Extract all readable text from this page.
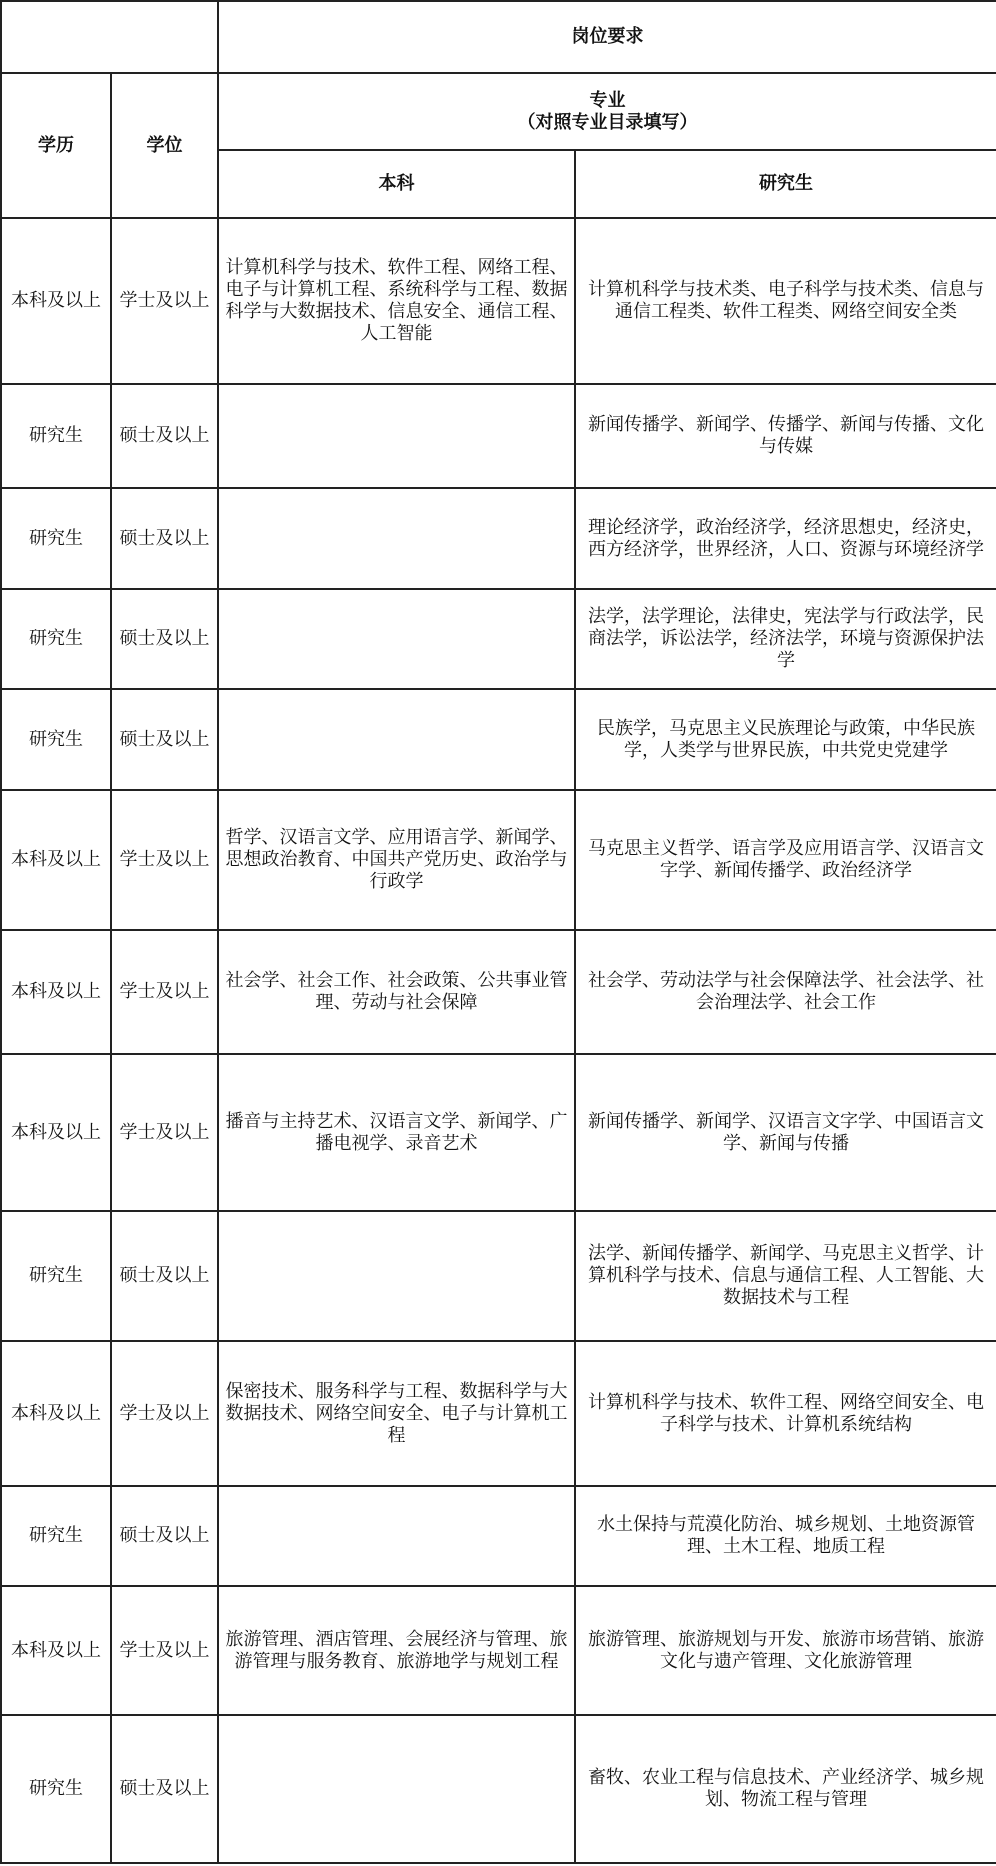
		岗位要求	
学历	学位	专业
（对照专业目录填写）	
		本科	研究生
本科及以上	学士及以上	计算机科学与技术、软件工程、网络工程、电子与计算机工程、系统科学与工程、数据科学与大数据技术、信息安全、通信工程、人工智能	计算机科学与技术类、电子科学与技术类、信息与通信工程类、软件工程类、网络空间安全类
研究生	硕士及以上		新闻传播学、新闻学、传播学、新闻与传播、文化与传媒
研究生	硕士及以上		理论经济学，政治经济学，经济思想史，经济史，西方经济学，世界经济，人口、资源与环境经济学
研究生	硕士及以上		法学，法学理论，法律史，宪法学与行政法学，民商法学，诉讼法学，经济法学，环境与资源保护法学
研究生	硕士及以上		民族学，马克思主义民族理论与政策，中华民族学，人类学与世界民族，中共党史党建学
本科及以上	学士及以上	哲学、汉语言文学、应用语言学、新闻学、思想政治教育、中国共产党历史、政治学与行政学	马克思主义哲学、语言学及应用语言学、汉语言文字学、新闻传播学、政治经济学
本科及以上	学士及以上	社会学、社会工作、社会政策、公共事业管理、劳动与社会保障	社会学、劳动法学与社会保障法学、社会法学、社会治理法学、社会工作
本科及以上	学士及以上	播音与主持艺术、汉语言文学、新闻学、广播电视学、录音艺术	新闻传播学、新闻学、汉语言文字学、中国语言文学、新闻与传播
研究生	硕士及以上		法学、新闻传播学、新闻学、马克思主义哲学、计算机科学与技术、信息与通信工程、人工智能、大数据技术与工程
本科及以上	学士及以上	保密技术、服务科学与工程、数据科学与大数据技术、网络空间安全、电子与计算机工程	计算机科学与技术、软件工程、网络空间安全、电子科学与技术、计算机系统结构
研究生	硕士及以上		水土保持与荒漠化防治、城乡规划、土地资源管理、土木工程、地质工程
本科及以上	学士及以上	旅游管理、酒店管理、会展经济与管理、旅游管理与服务教育、旅游地学与规划工程	旅游管理、旅游规划与开发、旅游市场营销、旅游文化与遗产管理、文化旅游管理
研究生	硕士及以上		畜牧、农业工程与信息技术、产业经济学、城乡规划、物流工程与管理
